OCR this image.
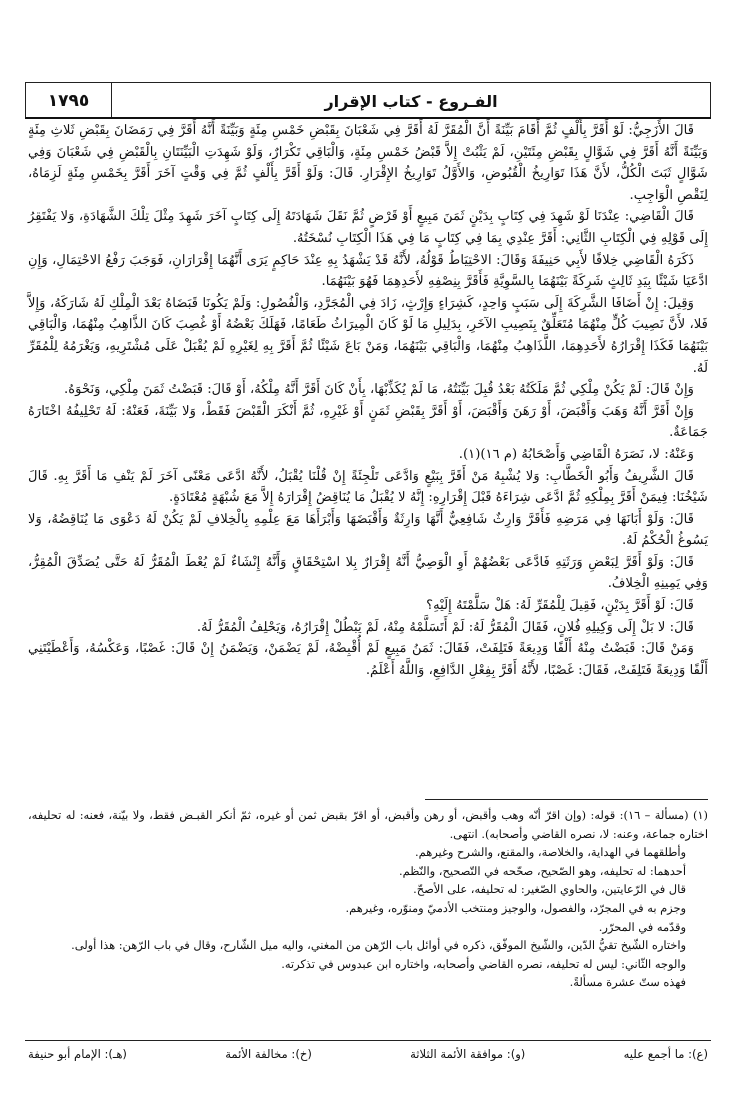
١٧٩٥	الفـروع - كتاب الإقرار

قَالَ الأَزَجِيُّ: لَوْ أَقَرَّ بِأَلْفٍ ثُمَّ أَقَامَ بَيِّنَةً أَنَّ الْمُقَرَّ لَهُ أَقَرَّ فِي شَعْبَانَ بِقَبْضِ خَمْسِ مِئَةٍ وَبَيِّنَةً أَنَّهُ أَقَرَّ فِي رَمَضَانَ بِقَبْضِ ثَلاثِ مِئَةٍ وَبَيِّنَةً أَنَّهُ أَقَرَّ فِي شَوَّالٍ بِقَبْضِ مِئَتَيْنِ، لَمْ يَثْبُتْ إِلاَّ قَبْضُ خَمْسِ مِئَةٍ، وَالْبَاقِي تَكْرَارٌ، وَلَوْ شَهِدَتِ الْبَيِّنَتَانِ بِالْقَبْضِ فِي شَعْبَانَ وَفِي شَوَّالٍ ثَبَتَ الْكُلُّ، لأَنَّ هَذَا تَوَارِيخُ الْقُبُوضِ، وَالأَوَّلُ تَوَارِيخُ الإِقْرَارِ. قَالَ: وَلَوْ أَقَرَّ بِأَلْفٍ ثُمَّ فِي وَقْتٍ آخَرَ أَقَرَّ بِخَمْسِ مِئَةٍ لَزِمَاهُ، لِنَقْصِ الْوَاجِبِ.

قَالَ الْقَاضِي: عِنْدَنَا لَوْ شَهِدَ فِي كِتَابٍ بِدَيْنٍ ثَمَنَ مَبِيعٍ أَوْ قَرْضٍ ثُمَّ نَقَلَ شَهَادَتَهُ إِلَى كِتَابٍ آخَرَ شَهِدَ مِثْلَ تِلْكَ الشَّهَادَةِ، وَلا يَفْتَقِرُ إِلَى قَوْلِهِ فِي الْكِتَابِ الثَّانِي: أَقَرَّ عِنْدِي بِمَا فِي كِتَابٍ مَا فِي هَذَا الْكِتَابِ نُسْخَتُهُ.

ذَكَرَهُ الْقَاضِي خِلافًا لأَبِي حَنِيفَةَ وَقَالَ: الاحْتِيَاطُ قَوْلُهُ، لأَنَّهُ قَدْ يَشْهَدُ بِهِ عِنْدَ حَاكِمٍ يَرَى أَنَّهُمَا إِقْرَارَانِ، فَوَجَبَ رَفْعُ الاحْتِمَالِ، وَإِنِ ادَّعَيَا شَيْئًا بِيَدِ ثَالِثٍ شَرِكَةً بَيْنَهُمَا بِالسَّوِيَّةِ فَأَقَرَّ بِنِصْفِهِ لأَحَدِهِمَا فَهُوَ بَيْنَهُمَا.

وَقِيلَ: إِنْ أَضَافَا الشَّرِكَةَ إِلَى سَبَبٍ وَاحِدٍ، كَشِرَاءٍ وَإِرْثٍ، زَادَ فِي الْمُجَرَّدِ، وَالْفُصُولِ: وَلَمْ يَكُونَا قَبَضَاهُ بَعْدَ الْمِلْكِ لَهُ شَارَكَهُ، وَإِلاَّ فَلا، لأَنَّ نَصِيبَ كُلٍّ مِنْهُمَا مُتَعَلِّقٌ بِنَصِيبِ الآخَرِ، بِدَلِيلِ مَا لَوْ كَانَ الْمِيرَاثُ طَعَامًا، فَهَلَكَ بَعْضُهُ أَوْ غُصِبَ كَانَ الذَّاهِبُ مِنْهُمَا، وَالْبَاقِي بَيْنَهُمَا فَكَذَا إِقْرَارُهُ لأَحَدِهِمَا، اللَّذَاهِبُ مِنْهُمَا، وَالْبَاقِي بَيْنَهُمَا، وَمَنْ بَاعَ شَيْئًا ثُمَّ أَقَرَّ بِهِ لِغَيْرِهِ لَمْ يُقْبَلْ عَلَى مُشْتَرِيهِ، وَيَغْرَمُهُ لِلْمُقَرِّ لَهُ.

وَإِنْ قَالَ: لَمْ يَكُنْ مِلْكِي ثُمَّ مَلَكَتُهُ بَعْدُ قُبِلَ بَيِّنَتُهُ، مَا لَمْ يُكَذِّبْهَا، بِأَنْ كَانَ أَقَرَّ أَنَّهُ مِلْكُهُ، أَوْ قَالَ: قَبَضْتُ ثَمَنَ مِلْكِي، وَنَحْوَهُ.

وَإِنْ أَقَرَّ أَنَّهُ وَهَبَ وَأَقْبَضَ، أَوْ رَهَنَ وَأَقْبَضَ، أَوْ أَقَرَّ بِقَبْضِ ثَمَنٍ أَوْ غَيْرِهِ، ثُمَّ أَنْكَرَ الْقَبْضَ فَقَطْ، وَلا بَيِّنَةَ، فَعَنْهُ: لَهُ تَحْلِيفُهُ اخْتَارَهُ جَمَاعَةٌ.

وَعَنْهُ: لا، نَصَرَهُ الْقَاضِي وَأَصْحَابُهُ (م ١٦)(١).

قَالَ الشَّرِيفُ وَأَبُو الْخَطَّابِ: وَلا يُشْبِهُ مَنْ أَقَرَّ بِبَيْعٍ وَادَّعَى تَلْجِئَةً إِنْ قُلْنَا يُقْبَلُ، لأَنَّهُ ادَّعَى مَعْنًى آخَرَ لَمْ يَنْفِ مَا أَقَرَّ بِهِ. قَالَ شَيْخُنَا: فِيمَنْ أَقَرَّ بِمِلْكِهِ ثُمَّ ادَّعَى شِرَاءَهُ قَبْلَ إِقْرَارِهِ: إِنَّهُ لا يُقْبَلُ مَا يُنَاقِضُ إِقْرَارَهُ إِلاَّ مَعَ شُبْهَةٍ مُعْتَادَةٍ.

قَالَ: وَلَوْ أَبَانَهَا فِي مَرَضِهِ فَأَقَرَّ وَارِثٌ شَافِعِيٌّ أَنَّهَا وَارِثَةٌ وَأَقْبَضَهَا وَأَبْرَأَهَا مَعَ عِلْمِهِ بِالْخِلافِ لَمْ يَكُنْ لَهُ دَعْوَى مَا يُنَاقِضُهُ، وَلا يَسُوغُ الْحُكْمُ لَهُ.

قَالَ: وَلَوْ أَقَرَّ لِبَعْضِ وَرَثَتِهِ فَادَّعَى بَعْضُهُمْ أَوِ الْوَصِيُّ أَنَّهُ إِقْرَارٌ بِلا اسْتِحْقَاقٍ وَأَنَّهُ إِنْشَاءٌ لَمْ يُعْطَ الْمُقَرُّ لَهُ حَتَّى يُصَدِّقَ الْمُقِرُّ، وَفِي يَمِينِهِ الْخِلافُ.

قَالَ: لَوْ أَقَرَّ بِدَيْنٍ، فَقِيلَ لِلْمُقَرِّ لَهُ: هَلْ سَلَّمْتَهُ إِلَيْهِ؟

قَالَ: لا بَلْ إِلَى وَكِيلِهِ فُلانٍ، فَقَالَ الْمُقَرُّ لَهُ: لَمْ أَتَسَلَّمْهُ مِنْهُ، لَمْ يَبْطُلْ إِقْرَارُهُ، وَيَحْلِفُ الْمُقَرُّ لَهُ.

وَمَنْ قَالَ: قَبَضْتُ مِنْهُ أَلْفًا وَدِيعَةً فَتَلِفَتْ، فَقَالَ: ثَمَنُ مَبِيعٍ لَمْ أُقْبِضْهُ، لَمْ يَضْمَنْ، وَيَضْمَنُ إِنْ قَالَ: غَصْبًا، وَعَكْسُهُ، وَأَعْطَيْتَنِي أَلْفًا وَدِيعَةً فَتَلِفَتْ، فَقَالَ: غَصْبًا، لأَنَّهُ أَقَرَّ بِفِعْلِ الدَّافِعِ، وَاللَّهُ أَعْلَمُ.

(١) (مسألة – ١٦): قوله: (وإن اقرّ أنّه وهب وأقبض، أو رهن وأقبض، أو اقرّ بقبض ثمن أو غيره، ثمّ أنكر القبـض فقط، ولا بيّنة، فعنه: له تحليفه، اختاره جماعة، وعنه: لا، نصره القاضي وأصحابه). انتهى.

وأطلقهما في الهداية، والخلاصة، والمقنع، والشرح وغيرهم.

أحدهما: له تحليفه، وهو الصّحيح، صحّحه في التّصحيح، والنّظم.

قال في الرّعايتين، والحاوي الصّغير: له تحليفه، على الأصحّ.

وجزم به في المجرّد، والفصول، والوجيز ومنتخب الأدميّ ومنوّره، وغيرهم.

وقدّمه في المحرّر.

واختاره الشّيخ تقيُّ الدّين، والشّيخ الموفّق، ذكره في أوائل باب الرّهن من المغني، واليه ميل الشّارح، وقال في باب الرّهن: هذا أولى.

والوجه الثّاني: ليس له تحليفه، نصره القاضي وأصحابه، واختاره ابن عبدوس في تذكرته.

فهذه ستّ عشرة مسألةً.

(ع): ما أجمع عليه
(و): موافقة الأئمة الثلاثة
(خ): مخالفة الأئمة
(هـ): الإمام أبو حنيفة
